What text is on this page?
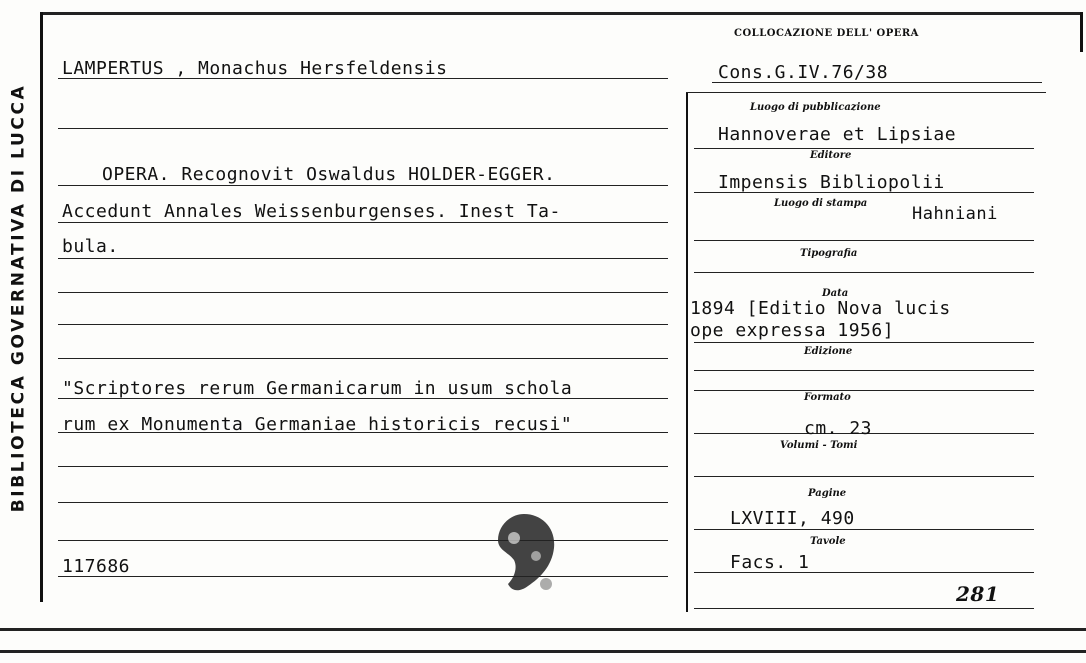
BIBLIOTECA GOVERNATIVA DI LUCCA
COLLOCAZIONE DELL' OPERA
Cons.G.IV.76/38
LAMPERTUS , Monachus Hersfeldensis
OPERA. Recognovit Oswaldus HOLDER-EGGER.
Accedunt Annales Weissenburgenses. Inest Ta-
bula.
"Scriptores rerum Germanicarum in usum schola
rum ex Monumenta Germaniae historicis recusi"
117686
Luogo di pubblicazione
Hannoverae et Lipsiae
Editore
Impensis Bibliopolii
Luogo di stampa
Hahniani
Tipografia
Data
1894 [Editio Nova lucis
ope expressa 1956]
Edizione
Formato
cm. 23
Volumi - Tomi
Pagine
LXVIII, 490
Tavole
Facs. 1
281
